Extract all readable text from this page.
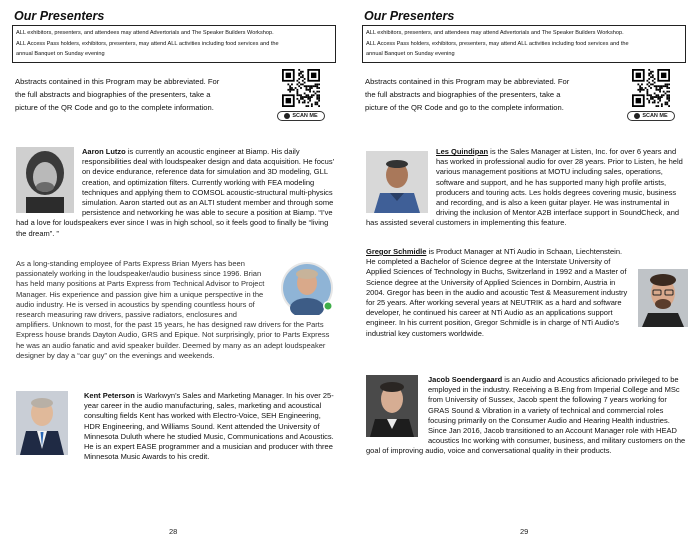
Our Presenters
ALL exhibitors, presenters, and attendees may attend Advertorials and The Speaker Builders Workshop.
ALL Access Pass holders, exhibitors, presenters, may attend ALL activities including food services and the
annual Banquet on Sunday evening
Abstracts contained in this Program may be abbreviated. For
the full abstracts and biographies of the presenters, take a
picture of the QR Code and go to the complete information.
SCAN ME
Aaron Lutzo is currently an acoustic engineer at Biamp. His daily responsibilities deal with loudspeaker design and data acquisition. He focus’ on device endurance, reference data for simulation and 3D modeling, GLL creation, and optimization filters. Currently working with FEA modeling techniques and applying them to COMSOL acoustic-structural multi-physics simulation. Aaron started out as an ALTI student member and through some persistence and networking he was able to secure a position at Biamp. “I’ve had a love for loudspeakers ever since I was in high school, so it feels good to finally be “living the dream”. ”
As a long-standing employee of Parts Express Brian Myers has been passionately working in the loudspeaker/audio business since 1996. Brian has held many positions at Parts Express from Technical Advisor to Project Manager. His experience and passion give him a unique perspective in the audio industry. He is versed in acoustics by spending countless hours of research measuring raw drivers, passive radiators, enclosures and amplifiers. Unknown to most, for the past 15 years, he has designed raw drivers for the Parts Express house brands Dayton Audio, GRS and Epique. Not surprisingly, prior to Parts Express he was an audio fanatic and avid speaker builder. Deemed by many as an adept loudspeaker designer by day a “car guy” on the evenings and weekends.
Kent Peterson is Warkwyn’s Sales and Marketing Manager. In his over 25-year career in the audio manufacturing, sales, marketing and acoustical consulting fields Kent has worked with Electro-Voice, SEH Engineering, HDR Engineering, and Williams Sound. Kent attended the University of Minnesota Duluth where he studied Music, Communications and Acoustics. He is an expert EASE programmer and a musician and producer with three Minnesota Music Awards to his credit.
28
Our Presenters
ALL exhibitors, presenters, and attendees may attend Advertorials and The Speaker Builders Workshop.
ALL Access Pass holders, exhibitors, presenters, may attend ALL activities including food services and the
annual Banquet on Sunday evening
Abstracts contained in this Program may be abbreviated. For
the full abstracts and biographies of the presenters, take a
picture of the QR Code and go to the complete information.
SCAN ME
Les Quindipan is the Sales Manager at Listen, Inc. for over 6 years and has worked in professional audio for over 28 years. Prior to Listen, he held various management positions at MOTU including sales, operations, software and support, and he has supported many high profile artists, producers and touring acts. Les holds degrees covering music, business and recording, and is also a keen guitar player. He was instrumental in driving the inclusion of Mentor A2B interface support in SoundCheck, and has assisted several customers in implementing this feature.
Gregor Schmidle is Product Manager at NTi Audio in Schaan, Liechtenstein. He completed a Bachelor of Science degree at the Interstate University of Applied Sciences of Technology in Buchs, Switzerland in 1992 and a Master of Science degree at the University of Applied Sciences in Dornbirn, Austria in 2004. Gregor has been in the audio and acoustic Test & Measurement industry for 25 years. After working several years at NEUTRIK as a hard and software developer, he continued his career at NTi Audio as an applications support engineer. In his current position, Gregor Schmidle is in charge of NTi Audio’s industrial key customers worldwide.
Jacob Soendergaard is an Audio and Acoustics aficionado privileged to be employed in the industry. Receiving a B.Eng from Imperial College and MSc from University of Sussex, Jacob spent the following 7 years working for GRAS Sound & Vibration in a variety of technical and commercial roles focusing primarily on the Consumer Audio and Hearing Health industries. Since Jan 2016, Jacob transitioned to an Account Manager role with HEAD acoustics Inc working with consumer, business, and military customers on the goal of improving audio, voice and conversational quality in their products.
29
